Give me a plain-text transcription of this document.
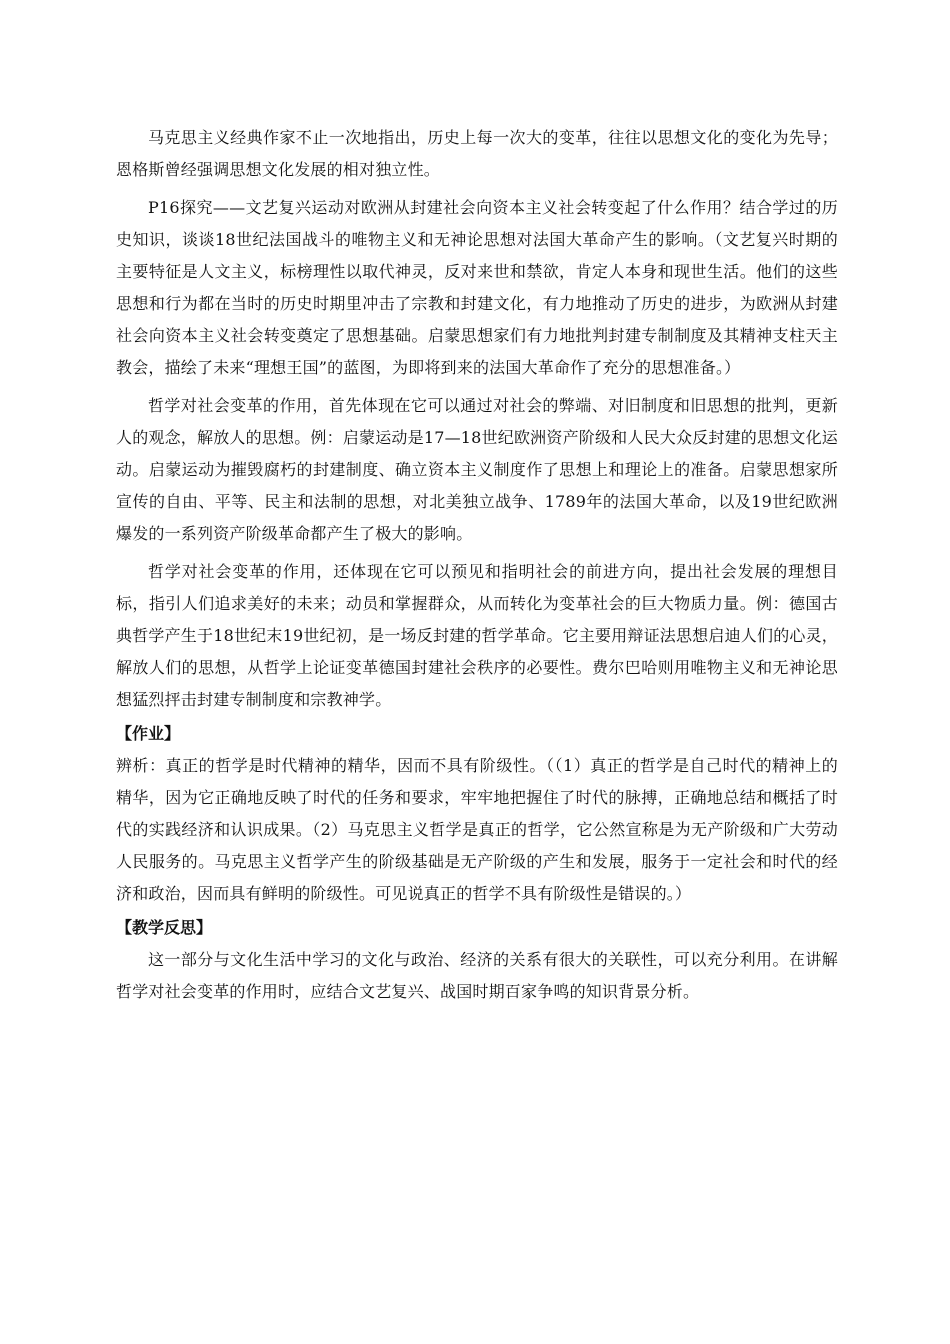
马克思主义经典作家不止一次地指出，历史上每一次大的变革，往往以思想文化的变化为先导；恩格斯曾经强调思想文化发展的相对独立性。

P16探究——文艺复兴运动对欧洲从封建社会向资本主义社会转变起了什么作用？结合学过的历史知识，谈谈18世纪法国战斗的唯物主义和无神论思想对法国大革命产生的影响。（文艺复兴时期的主要特征是人文主义，标榜理性以取代神灵，反对来世和禁欲，肯定人本身和现世生活。他们的这些思想和行为都在当时的历史时期里冲击了宗教和封建文化，有力地推动了历史的进步，为欧洲从封建社会向资本主义社会转变奠定了思想基础。启蒙思想家们有力地批判封建专制制度及其精神支柱天主教会，描绘了未来“理想王国”的蓝图，为即将到来的法国大革命作了充分的思想准备。）

哲学对社会变革的作用，首先体现在它可以通过对社会的弊端、对旧制度和旧思想的批判，更新人的观念，解放人的思想。例：启蒙运动是17—18世纪欧洲资产阶级和人民大众反封建的思想文化运动。启蒙运动为摧毁腐朽的封建制度、确立资本主义制度作了思想上和理论上的准备。启蒙思想家所宣传的自由、平等、民主和法制的思想，对北美独立战争、1789年的法国大革命，以及19世纪欧洲爆发的一系列资产阶级革命都产生了极大的影响。

哲学对社会变革的作用，还体现在它可以预见和指明社会的前进方向，提出社会发展的理想目标，指引人们追求美好的未来；动员和掌握群众，从而转化为变革社会的巨大物质力量。例：德国古典哲学产生于18世纪末19世纪初，是一场反封建的哲学革命。它主要用辩证法思想启迪人们的心灵，解放人们的思想，从哲学上论证变革德国封建社会秩序的必要性。费尔巴哈则用唯物主义和无神论思想猛烈抨击封建专制制度和宗教神学。

【作业】

辨析：真正的哲学是时代精神的精华，因而不具有阶级性。（（1）真正的哲学是自己时代的精神上的精华，因为它正确地反映了时代的任务和要求，牢牢地把握住了时代的脉搏，正确地总结和概括了时代的实践经济和认识成果。（2）马克思主义哲学是真正的哲学，它公然宣称是为无产阶级和广大劳动人民服务的。马克思主义哲学产生的阶级基础是无产阶级的产生和发展，服务于一定社会和时代的经济和政治，因而具有鲜明的阶级性。可见说真正的哲学不具有阶级性是错误的。）

【教学反思】

这一部分与文化生活中学习的文化与政治、经济的关系有很大的关联性，可以充分利用。在讲解哲学对社会变革的作用时，应结合文艺复兴、战国时期百家争鸣的知识背景分析。
